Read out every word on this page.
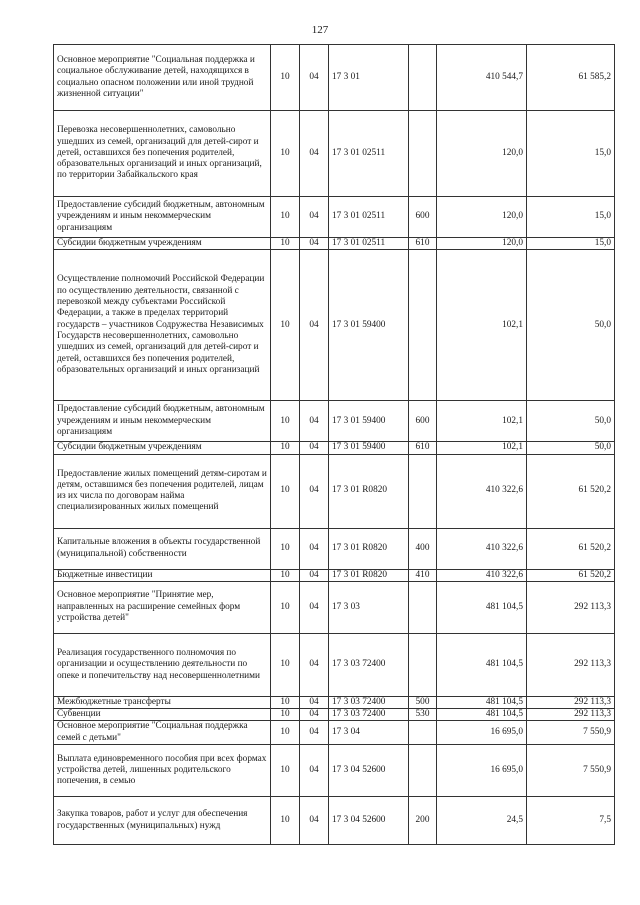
127
Основное мероприятие "Социальная поддержка и социальное обслуживание детей, находящихся в социально опасном положении или иной трудной жизненной ситуации"	10	04	17 3 01		410 544,7	61 585,2
Перевозка несовершеннолетних, самовольно ушедших из семей, организаций для детей-сирот и детей, оставшихся без попечения родителей, образовательных организаций и иных организаций, по территории Забайкальского края	10	04	17 3 01 02511		120,0	15,0
Предоставление субсидий бюджетным, автономным учреждениям и иным некоммерческим организациям	10	04	17 3 01 02511	600	120,0	15,0
Субсидии бюджетным учреждениям	10	04	17 3 01 02511	610	120,0	15,0
Осуществление полномочий Российской Федерации по осуществлению деятельности, связанной с перевозкой между субъектами Российской Федерации, а также в пределах территорий государств – участников Содружества Независимых Государств несовершеннолетних, самовольно ушедших из семей, организаций для детей-сирот и детей, оставшихся без попечения родителей, образовательных организаций и иных организаций	10	04	17 3 01 59400		102,1	50,0
Предоставление субсидий бюджетным, автономным учреждениям и иным некоммерческим организациям	10	04	17 3 01 59400	600	102,1	50,0
Субсидии бюджетным учреждениям	10	04	17 3 01 59400	610	102,1	50,0
Предоставление жилых помещений детям-сиротам и детям, оставшимся без попечения родителей, лицам из их числа по договорам найма специализированных жилых помещений	10	04	17 3 01 R0820		410 322,6	61 520,2
Капитальные вложения в объекты государственной (муниципальной) собственности	10	04	17 3 01 R0820	400	410 322,6	61 520,2
Бюджетные инвестиции	10	04	17 3 01 R0820	410	410 322,6	61 520,2
Основное мероприятие "Принятие мер, направленных на расширение семейных форм устройства детей"	10	04	17 3 03		481 104,5	292 113,3
Реализация государственного полномочия по организации и осуществлению деятельности по опеке и попечительству над несовершеннолетними	10	04	17 3 03 72400		481 104,5	292 113,3
Межбюджетные трансферты	10	04	17 3 03 72400	500	481 104,5	292 113,3
Субвенции	10	04	17 3 03 72400	530	481 104,5	292 113,3
Основное мероприятие "Социальная поддержка семей с детьми"	10	04	17 3 04		16 695,0	7 550,9
Выплата единовременного пособия при всех формах устройства детей, лишенных родительского попечения, в семью	10	04	17 3 04 52600		16 695,0	7 550,9
Закупка товаров, работ и услуг для обеспечения государственных (муниципальных) нужд	10	04	17 3 04 52600	200	24,5	7,5
